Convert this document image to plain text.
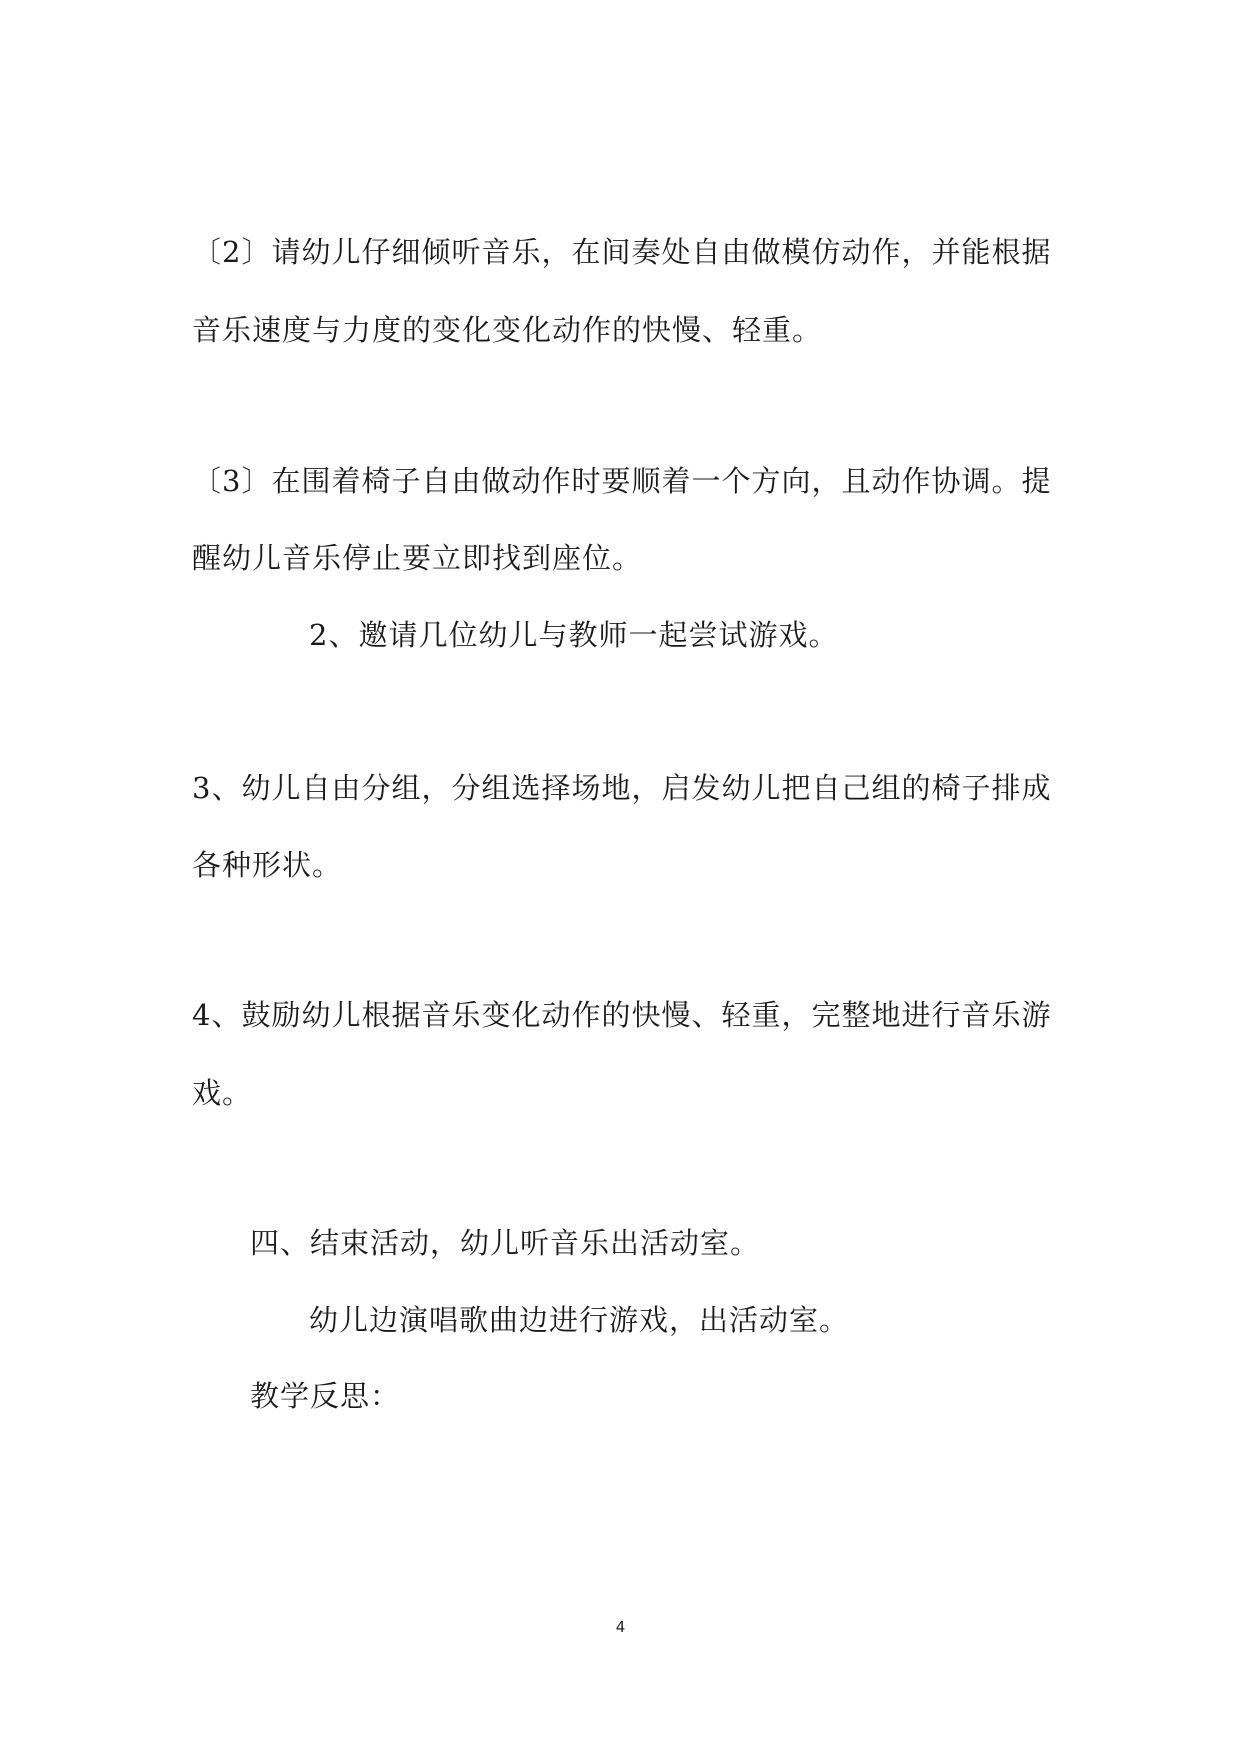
〔2〕请幼儿仔细倾听音乐，在间奏处自由做模仿动作，并能根据
音乐速度与力度的变化变化动作的快慢、轻重。
〔3〕在围着椅子自由做动作时要顺着一个方向，且动作协调。提
醒幼儿音乐停止要立即找到座位。
2、邀请几位幼儿与教师一起尝试游戏。
3、幼儿自由分组，分组选择场地，启发幼儿把自己组的椅子排成
各种形状。
4、鼓励幼儿根据音乐变化动作的快慢、轻重，完整地进行音乐游
戏。
四、结束活动，幼儿听音乐出活动室。
幼儿边演唱歌曲边进行游戏，出活动室。
教学反思：
4
